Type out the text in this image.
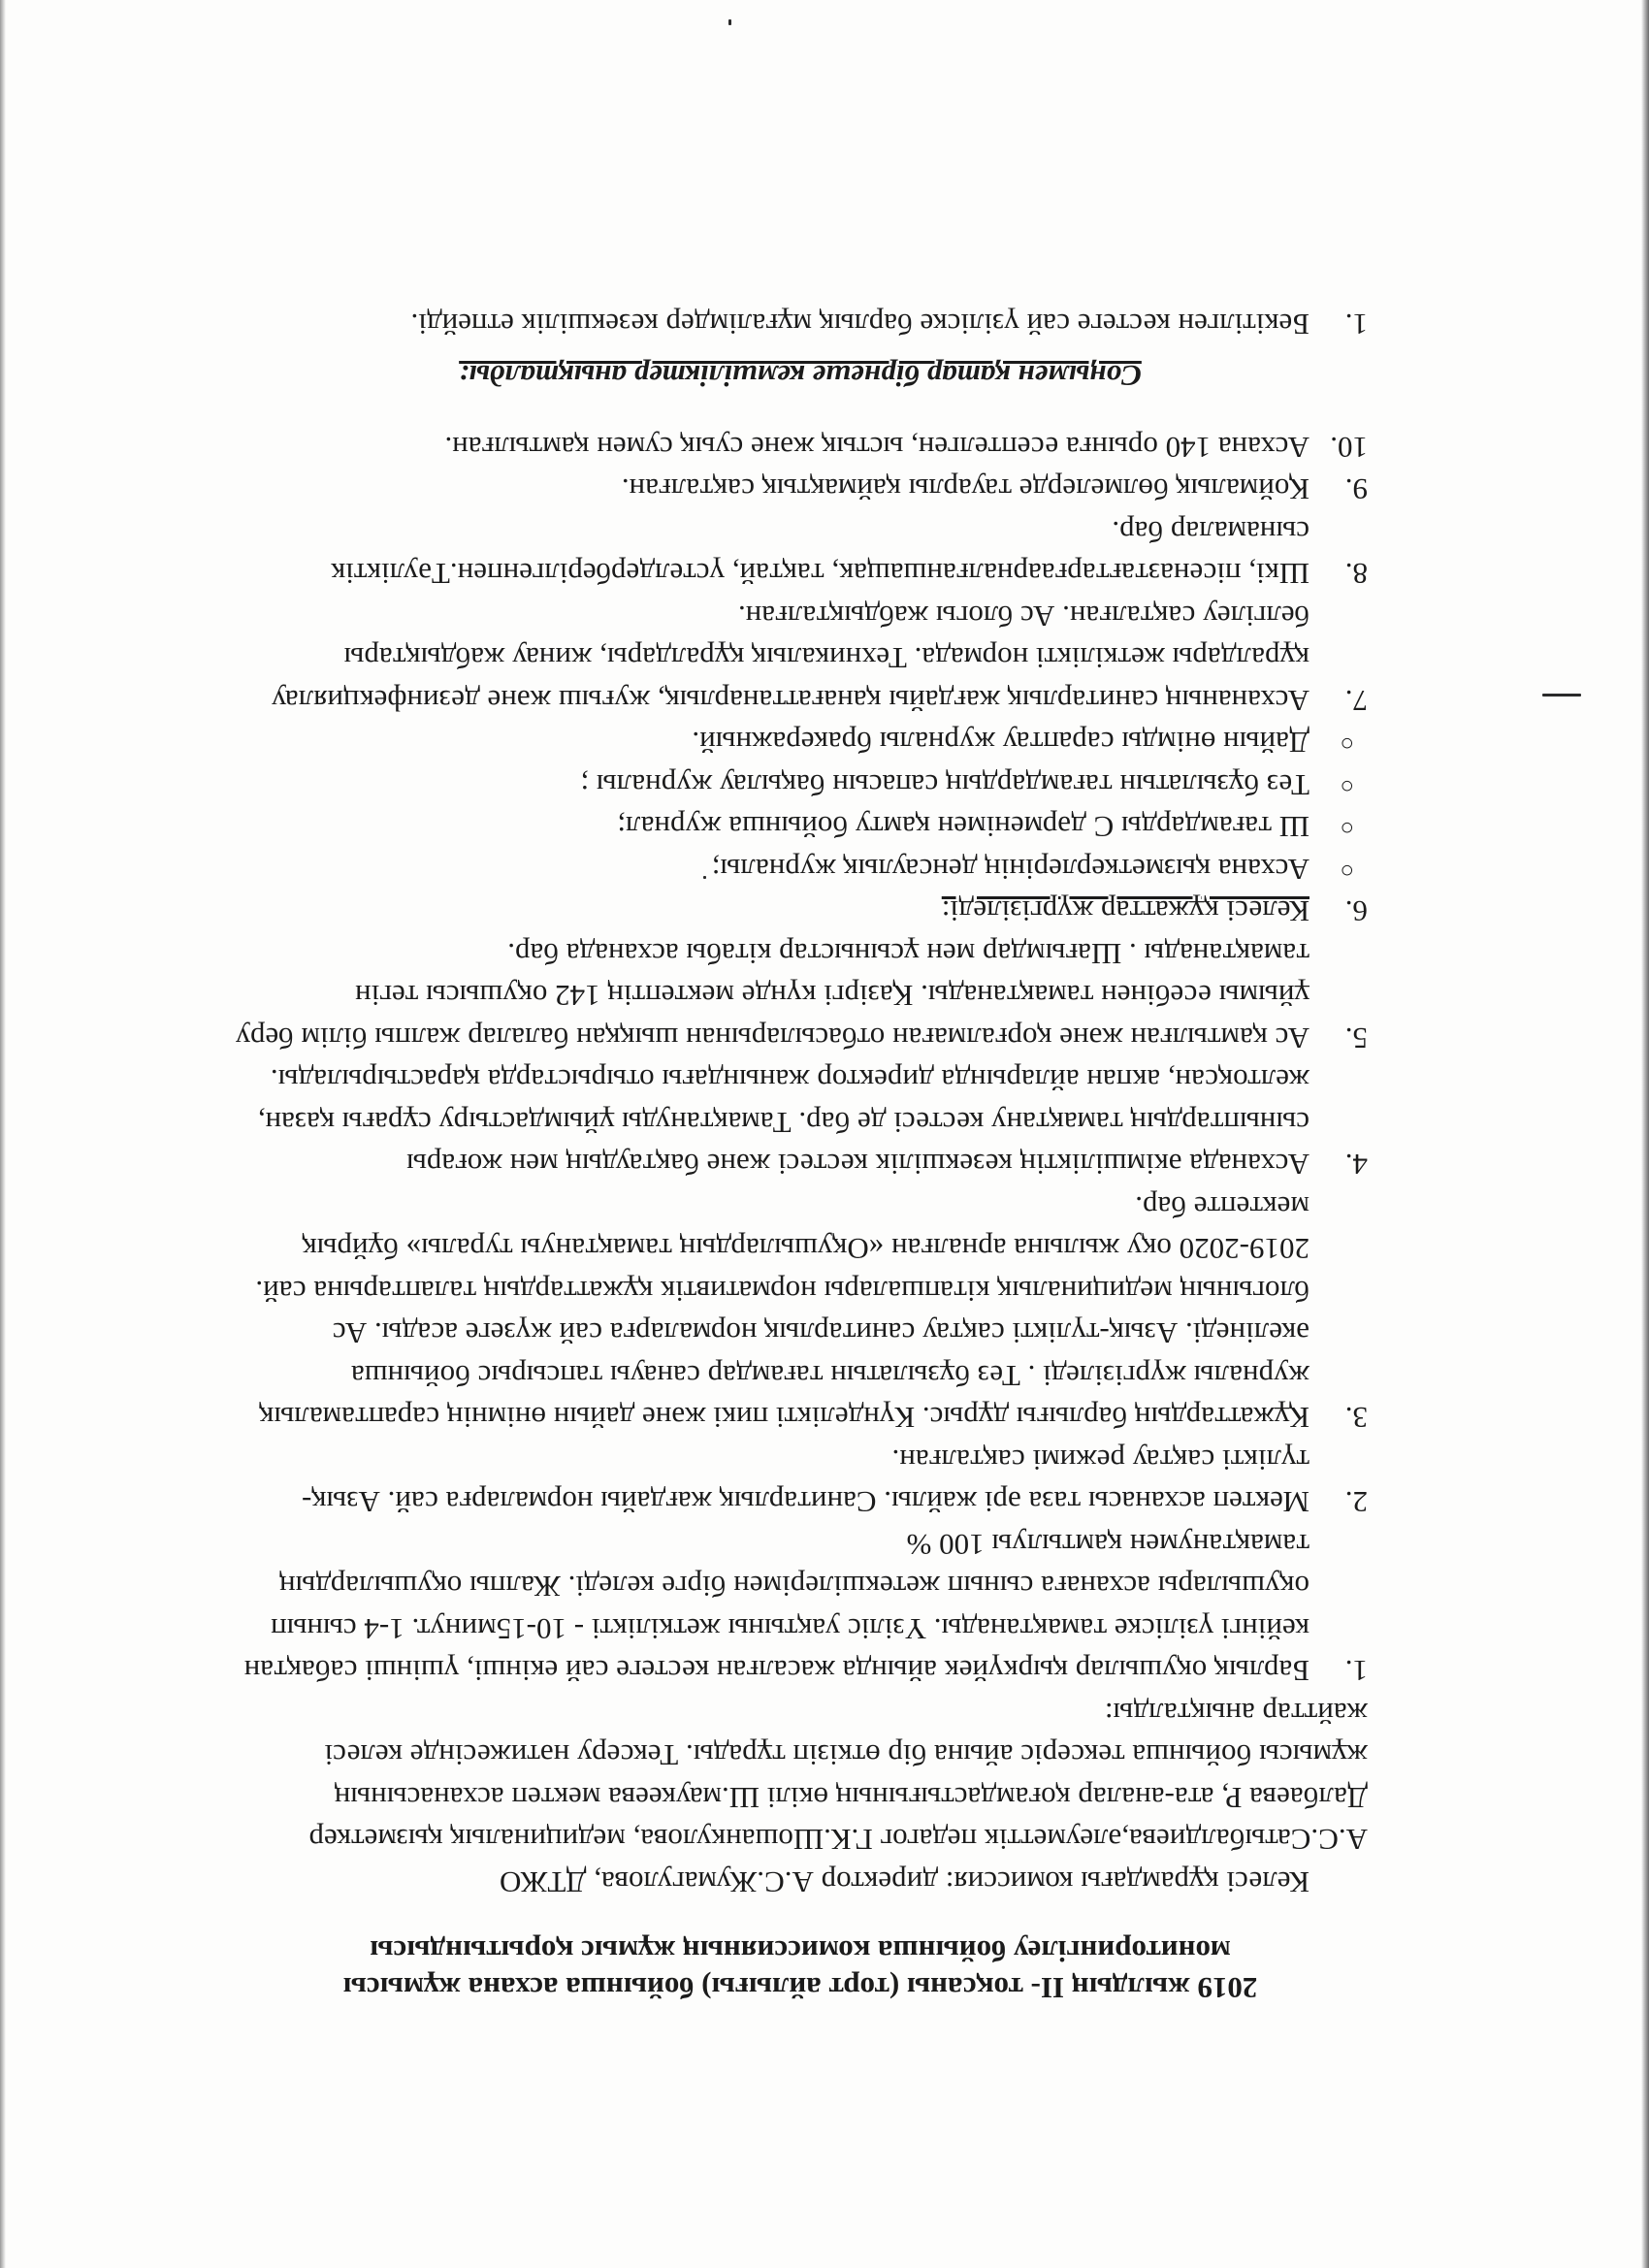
2019 жылдың II- тоқсаны (торт айлығы) бойынша асхана жұмысы
мониторингілеу бойынша комиссияның жұмыс қорытындысы

Келесі құрамдағы комиссия: директор А.С.Жумагулова, ДТЖО А.С.Сатыбалдиева,әлеуметтік педагог Г.К.Шошанкулова, медициналық қызметкер Далбаева Р, ата-аналар қоғамдастығының өкілі Ш.маукеева мектеп асханасының жұмысы бойынша тексеріс айына бір өткізіп тұрады. Тексеру нәтижесінде келесі жайттар анықталды:

1.
Барлық оқушылар қыркүйек айында жасалған кестеге сай екінші, үшінші сабақтан кейінгі үзіліске тамақтанады. Үзіліс уақтыны жеткілікті - 10-15минут. 1-4 сынып оқушылары асханаға сынып жетекшілерімен бірге келеді. Жалпы оқушылардың тамақтанумен қамтылуы 100 %
2.
Мектеп асханасы таза әрі жайлы. Санитарлық жағдайы нормаларға сай. Азық-түлікті сақтау режимі сақталған.
3.
Құжаттардың барлығы дұрыс. Күнделікті пикі және дайын өнімнің сараптамалық журналы жүргізіледі . Тез бұзылатын тағамдар санауы тапсырыс бойынша әкелінеді. Азық-түлікті сақтау санитарлық нормаларға сай жүзеге асады. Ас блогының медициналық кітапшалары нормативтік құжаттардың талаптарына сай. 2019-2020 оқу жылына арналған «Оқушылардың тамақтануы туралы» бұйрық мектепте бар.
4.
Асханада әкімшіліктің кезекшілік кестесі және бақтаудың мен жоғары сыныптардың тамақтану кестесі де бар. Тамақтануды ұйымдастыру сұрағы қазан, желтоқсан, акпан айларында директор жанындағы отырыстарда қарастырылады.
5.
Ас қамтылған және қорғалмаған отбасыларынан шыққан балалар жалпы білім беру ұйымы есебінен тамақтанады. Қазіргі күнде мектептің 142 оқушысы тегін тамақтанады . Шағымдар мен ұсыныстар кітабы асханада бар.
6.
Келесі құжаттар жүргізіледі:
○
Асхана қызметкерлерінің денсаулық журналы;
○
Ш тағамдарды С дәрменімен қамту бойынша журнал;
○
Тез бұзылатын тағамдардың сапасын бақылау журналы ;
○
Дайын өнімды сараптау журналы бракеражный.
7.
Асхананың санитарлық жағдайы қанағаттанарлық, жуғыш және дезинфекциялау құралдары жеткілікті нормада. Техникалық құралдары, жинау жабдықтары белгілеу сақталған. Ас блогы жабдықталған.
8.
Шкі, пісеназтағтарғаарналғаншащак, тақтай, үстелдерберілгенпен.Тәуліктік сынамалар бар.
9.
Қоймалық бөлмелерде тауарлы қаймақтық сақталған.
10.
Асхана 140 орынға есептелген, ыстық және суық сумен қамтылған.
Соңымен қатар бірнеше кемшіліктер анықталды:
1.
Бекітілген кестеге сай үзіліске барлық мұғалімдер кезекшілік етпейді.
